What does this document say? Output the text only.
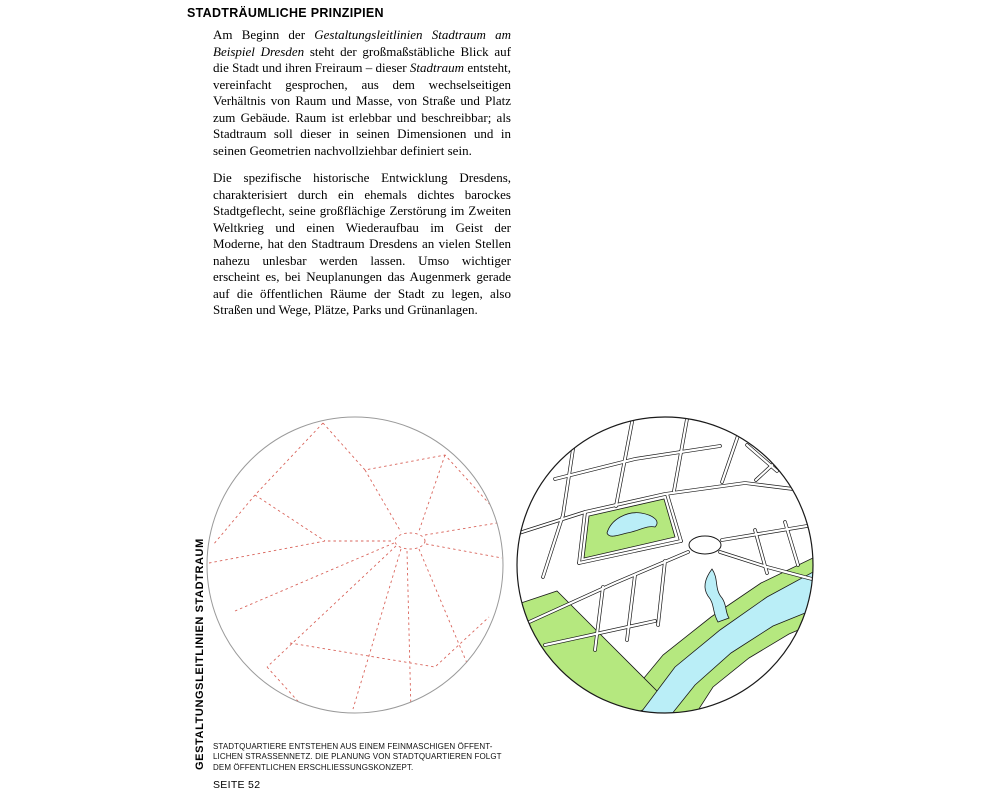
STADTRÄUMLICHE PRINZIPIEN

Am Beginn der Gestaltungsleitlinien Stadtraum am Beispiel Dresden steht der großmaßstäbliche Blick auf die Stadt und ihren Freiraum – dieser Stadtraum entsteht, vereinfacht gesprochen, aus dem wechselseitigen Verhältnis von Raum und Masse, von Straße und Platz zum Gebäude. Raum ist erlebbar und beschreibbar; als Stadtraum soll dieser in seinen Dimensionen und in seinen Geometrien nachvollziehbar definiert sein.

Die spezifische historische Entwicklung Dresdens, charakterisiert durch ein ehemals dichtes barockes Stadtgeflecht, seine großflächige Zerstörung im Zweiten Weltkrieg und einen Wiederaufbau im Geist der Moderne, hat den Stadtraum Dresdens an vielen Stellen nahezu unlesbar werden lassen. Umso wichtiger erscheint es, bei Neuplanungen das Augenmerk gerade auf die öffentlichen Räume der Stadt zu legen, also Straßen und Wege, Plätze, Parks und Grünanlagen.

GESTALTUNGSLEITLINIEN STADTRAUM STADTQUARTIERE ENTSTEHEN AUS EINEM FEINMASCHIGEN ÖFFENT-
LICHEN STRASSENNETZ. DIE PLANUNG VON STADTQUARTIEREN FOLGT
DEM ÖFFENTLICHEN ERSCHLIESSUNGSKONZEPT.
SEITE 52
